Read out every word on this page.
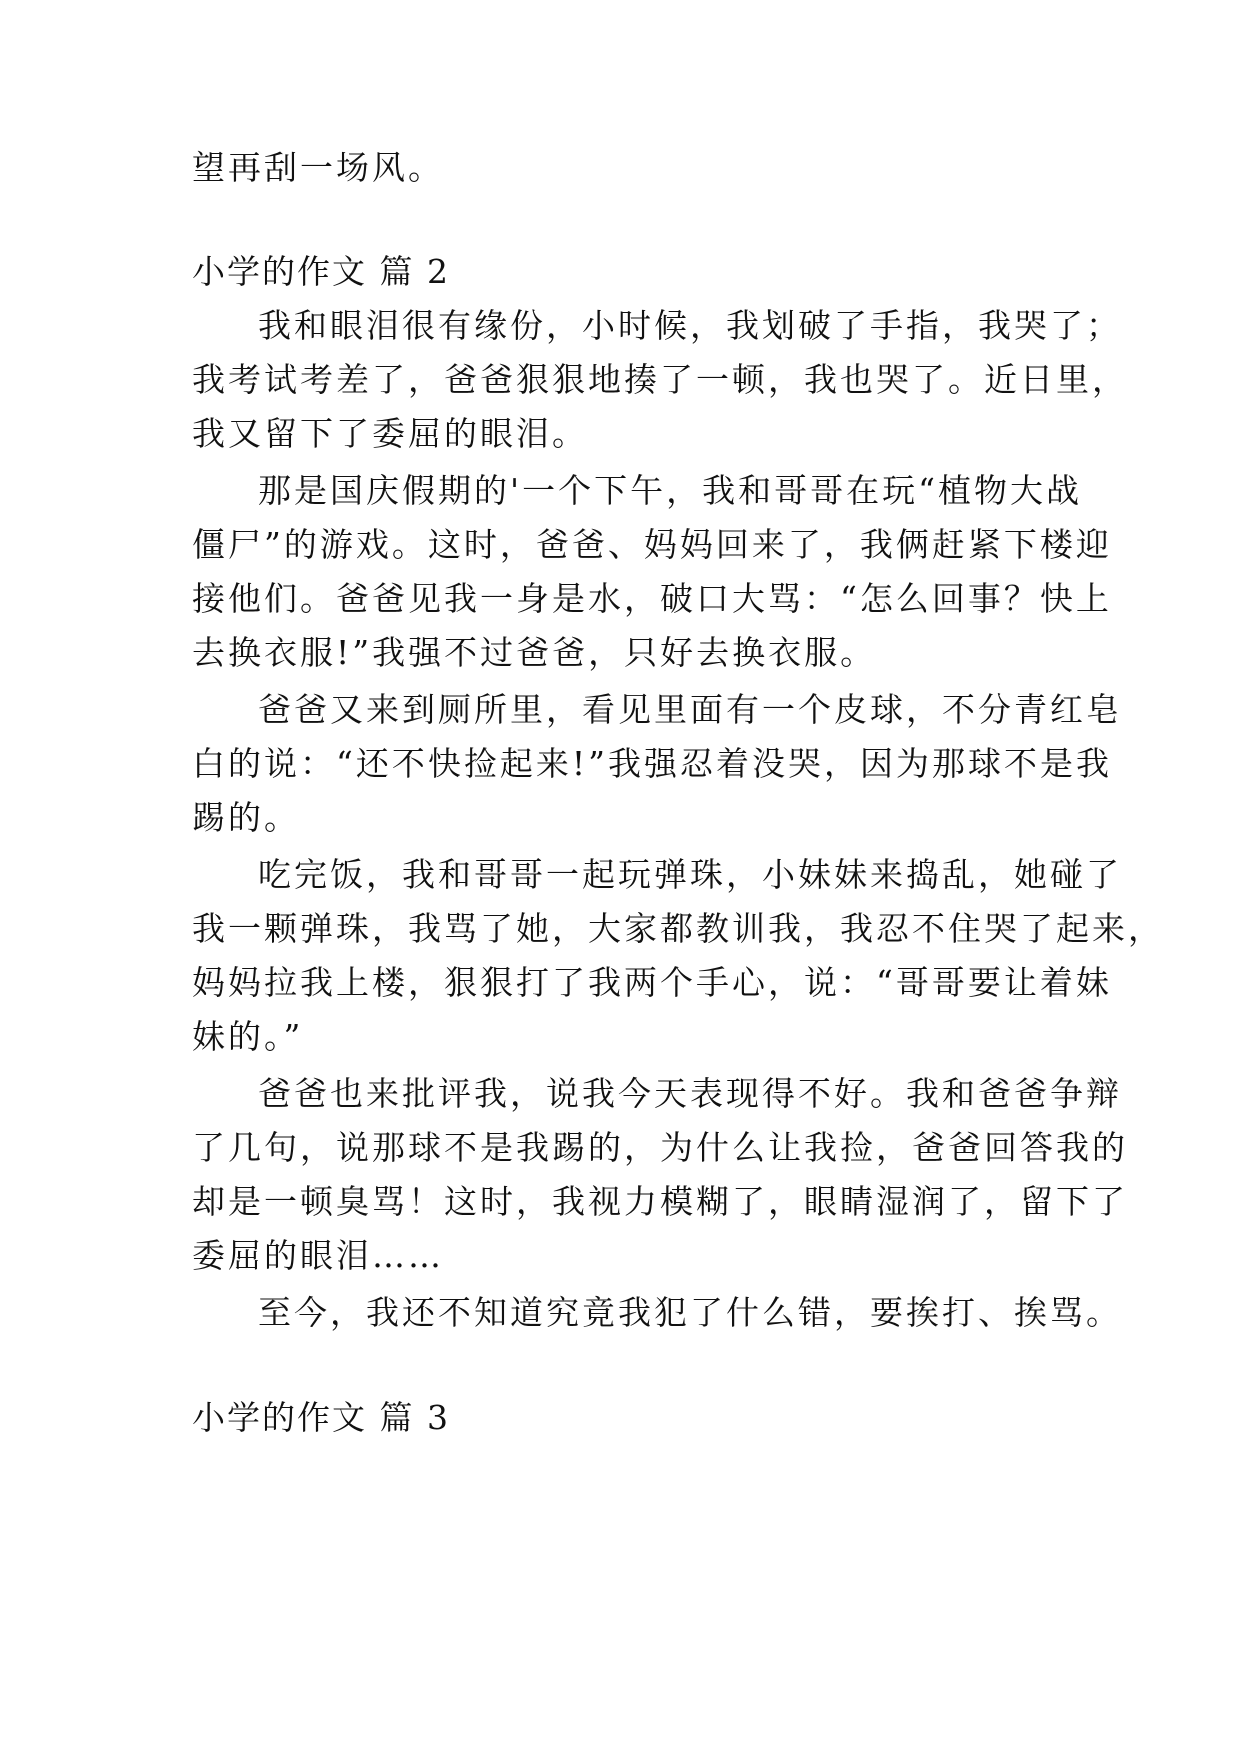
望再刮一场风。
小学的作文 篇 2
我和眼泪很有缘份，小时候，我划破了手指，我哭了；
我考试考差了，爸爸狠狠地揍了一顿，我也哭了。近日里，
我又留下了委屈的眼泪。
那是国庆假期的'一个下午，我和哥哥在玩“植物大战
僵尸”的游戏。这时，爸爸、妈妈回来了，我俩赶紧下楼迎
接他们。爸爸见我一身是水，破口大骂：“怎么回事？快上
去换衣服!”我强不过爸爸，只好去换衣服。
爸爸又来到厕所里，看见里面有一个皮球，不分青红皂
白的说：“还不快捡起来!”我强忍着没哭，因为那球不是我
踢的。
吃完饭，我和哥哥一起玩弹珠，小妹妹来捣乱，她碰了
我一颗弹珠，我骂了她，大家都教训我，我忍不住哭了起来，
妈妈拉我上楼，狠狠打了我两个手心，说：“哥哥要让着妹
妹的。”
爸爸也来批评我，说我今天表现得不好。我和爸爸争辩
了几句，说那球不是我踢的，为什么让我捡，爸爸回答我的
却是一顿臭骂！这时，我视力模糊了，眼睛湿润了，留下了
委屈的眼泪……
至今，我还不知道究竟我犯了什么错，要挨打、挨骂。
小学的作文 篇 3
